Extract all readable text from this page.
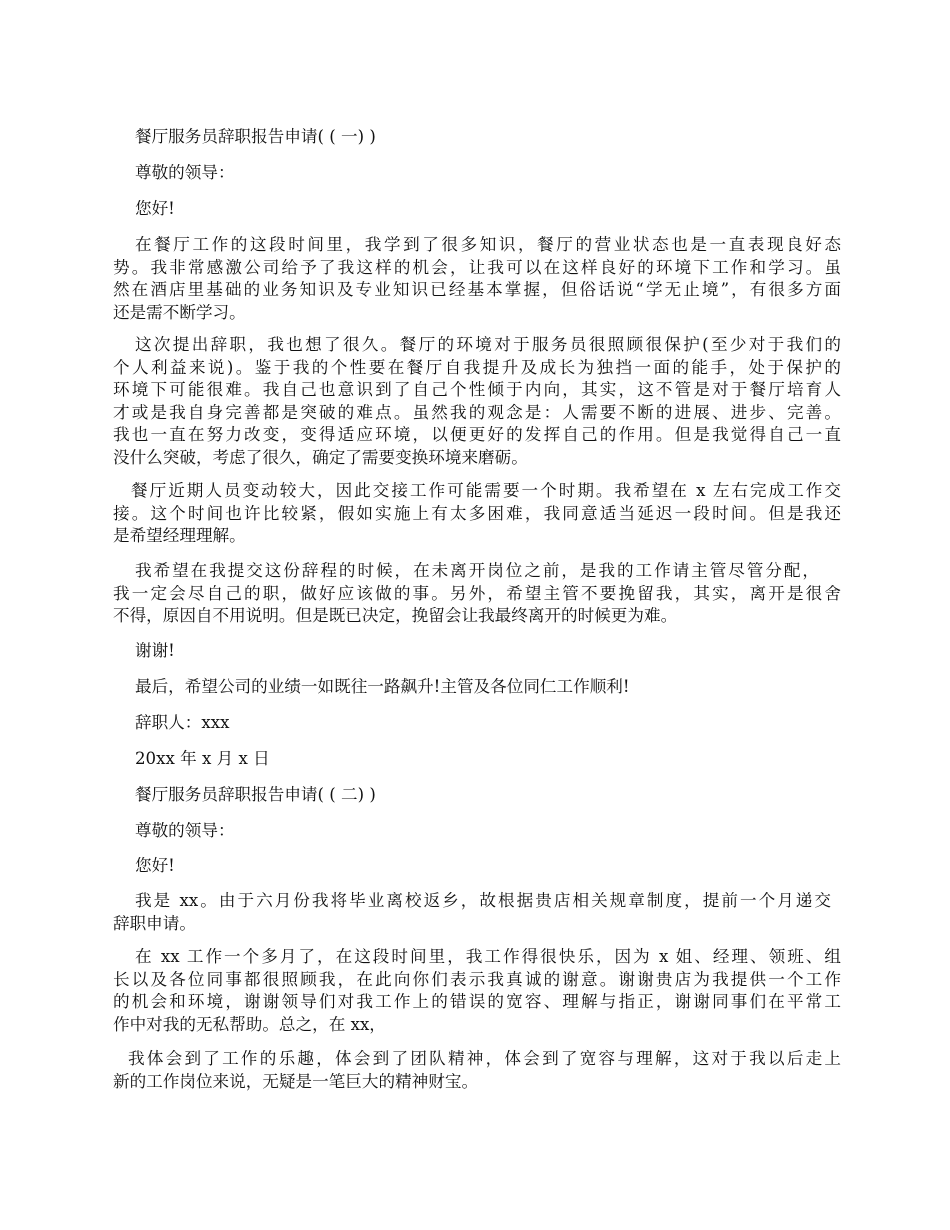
餐厅服务员辞职报告申请( ( 一) )

尊敬的领导：

您好!

在餐厅工作的这段时间里，我学到了很多知识，餐厅的营业状态也是一直表现良好态
势。我非常感激公司给予了我这样的机会，让我可以在这样良好的环境下工作和学习。虽
然在酒店里基础的业务知识及专业知识已经基本掌握，但俗话说“学无止境”，有很多方面
还是需不断学习。

这次提出辞职，我也想了很久。餐厅的环境对于服务员很照顾很保护(至少对于我们的
个人利益来说)。鉴于我的个性要在餐厅自我提升及成长为独挡一面的能手，处于保护的
环境下可能很难。我自己也意识到了自己个性倾于内向，其实，这不管是对于餐厅培育人
才或是我自身完善都是突破的难点。虽然我的观念是：人需要不断的进展、进步、完善。
我也一直在努力改变，变得适应环境，以便更好的发挥自己的作用。但是我觉得自己一直
没什么突破，考虑了很久，确定了需要变换环境来磨砺。

餐厅近期人员变动较大，因此交接工作可能需要一个时期。我希望在 x 左右完成工作交
接。这个时间也许比较紧，假如实施上有太多困难，我同意适当延迟一段时间。但是我还
是希望经理理解。

我希望在我提交这份辞程的时候，在未离开岗位之前，是我的工作请主管尽管分配，
我一定会尽自己的职，做好应该做的事。另外，希望主管不要挽留我，其实，离开是很舍
不得，原因自不用说明。但是既已决定，挽留会让我最终离开的时候更为难。

谢谢!

最后，希望公司的业绩一如既往一路飙升!主管及各位同仁工作顺利!

辞职人：xxx

20xx 年 x 月 x 日

餐厅服务员辞职报告申请( ( 二) )

尊敬的领导：

您好!

我是 xx。由于六月份我将毕业离校返乡，故根据贵店相关规章制度，提前一个月递交
辞职申请。

在 xx 工作一个多月了，在这段时间里，我工作得很快乐，因为 x 姐、经理、领班、组
长以及各位同事都很照顾我，在此向你们表示我真诚的谢意。谢谢贵店为我提供一个工作
的机会和环境，谢谢领导们对我工作上的错误的宽容、理解与指正，谢谢同事们在平常工
作中对我的无私帮助。总之，在 xx，

我体会到了工作的乐趣，体会到了团队精神，体会到了宽容与理解，这对于我以后走上
新的工作岗位来说，无疑是一笔巨大的精神财宝。
